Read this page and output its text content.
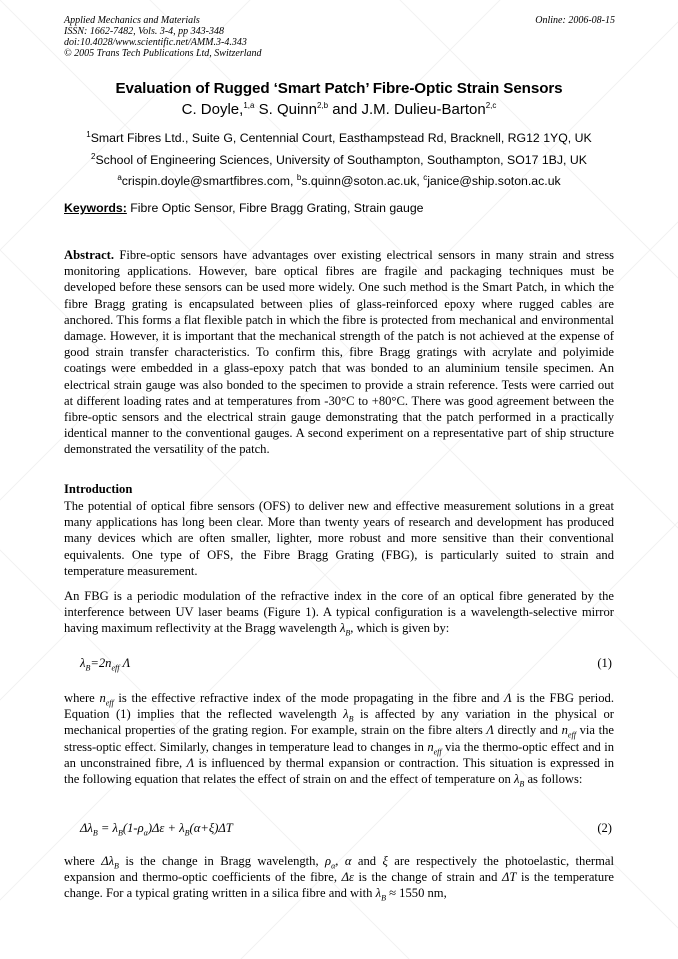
Applied Mechanics and Materials
ISSN: 1662-7482, Vols. 3-4, pp 343-348
doi:10.4028/www.scientific.net/AMM.3-4.343
© 2005 Trans Tech Publications Ltd, Switzerland
Online: 2006-08-15
Evaluation of Rugged ‘Smart Patch’ Fibre-Optic Strain Sensors
C. Doyle,$^{1,a}$ S. Quinn$^{2,b}$ and J.M. Dulieu-Barton$^{2,c}$
$^1$Smart Fibres Ltd., Suite G, Centennial Court, Easthampstead Rd, Bracknell, RG12 1YQ, UK
$^2$School of Engineering Sciences, University of Southampton, Southampton, SO17 1BJ, UK
$^a$crispin.doyle@smartfibres.com, $^b$s.quinn@soton.ac.uk, $^c$janice@ship.soton.ac.uk
Keywords: Fibre Optic Sensor, Fibre Bragg Grating, Strain gauge
Abstract. Fibre-optic sensors have advantages over existing electrical sensors in many strain and stress monitoring applications. However, bare optical fibres are fragile and packaging techniques must be developed before these sensors can be used more widely. One such method is the Smart Patch, in which the fibre Bragg grating is encapsulated between plies of glass-reinforced epoxy where rugged cables are anchored. This forms a flat flexible patch in which the fibre is protected from mechanical and environmental damage. However, it is important that the mechanical strength of the patch is not achieved at the expense of good strain transfer characteristics. To confirm this, fibre Bragg gratings with acrylate and polyimide coatings were embedded in a glass-epoxy patch that was bonded to an aluminium tensile specimen. An electrical strain gauge was also bonded to the specimen to provide a strain reference. Tests were carried out at different loading rates and at temperatures from -30°C to +80°C. There was good agreement between the fibre-optic sensors and the electrical strain gauge demonstrating that the patch performed in a practically identical manner to the conventional gauges. A second experiment on a representative part of ship structure demonstrated the versatility of the patch.
Introduction
The potential of optical fibre sensors (OFS) to deliver new and effective measurement solutions in a great many applications has long been clear. More than twenty years of research and development has produced many devices which are often smaller, lighter, more robust and more sensitive than their conventional equivalents. One type of OFS, the Fibre Bragg Grating (FBG), is particularly suited to strain and temperature measurement.
An FBG is a periodic modulation of the refractive index in the core of an optical fibre generated by the interference between UV laser beams (Figure 1). A typical configuration is a wavelength-selective mirror having maximum reflectivity at the Bragg wavelength $\lambda_B$, which is given by:
$\lambda_B=2n_{eff}$ Λ	(1)
where $n_{eff}$ is the effective refractive index of the mode propagating in the fibre and Λ is the FBG period. Equation (1) implies that the reflected wavelength $\lambda_B$ is affected by any variation in the physical or mechanical properties of the grating region. For example, strain on the fibre alters Λ directly and $n_{eff}$ via the stress-optic effect. Similarly, changes in temperature lead to changes in $n_{eff}$ via the thermo-optic effect and in an unconstrained fibre, Λ is influenced by thermal expansion or contraction. This situation is expressed in the following equation that relates the effect of strain on and the effect of temperature on $\lambda_B$ as follows:
$\Delta\lambda_B = \lambda_B(1-\rho_\alpha)\Delta\varepsilon + \lambda_B(\alpha+\xi)\Delta T$	(2)
where $\Delta\lambda_B$ is the change in Bragg wavelength, $\rho_\alpha$, α and ξ are respectively the photoelastic, thermal expansion and thermo-optic coefficients of the fibre, Δε is the change of strain and ΔT is the temperature change. For a typical grating written in a silica fibre and with $\lambda_B \approx 1550$ nm,
